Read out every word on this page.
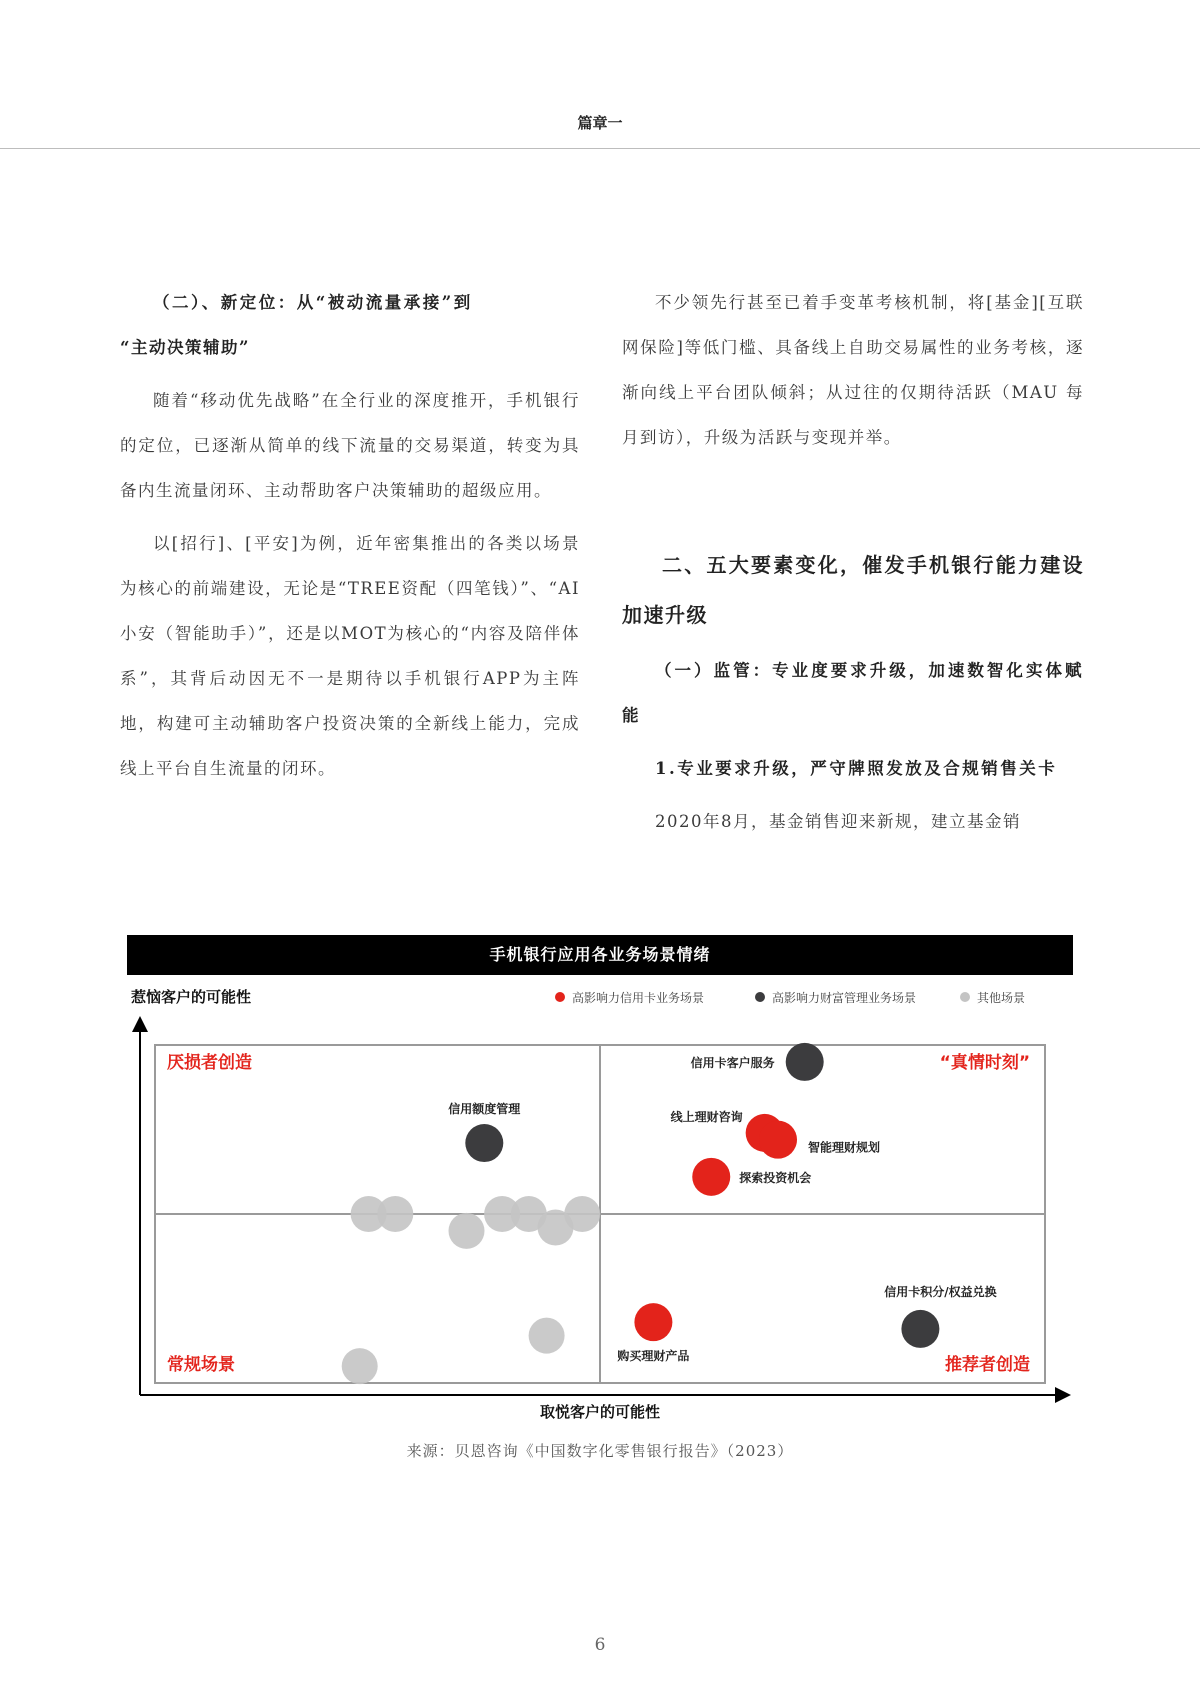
篇章一

（二）、新定位：从“被动流量承接”到

“主动决策辅助”

随着“移动优先战略”在全行业的深度推开，手机银行的定位，已逐渐从简单的线下流量的交易渠道，转变为具备内生流量闭环、主动帮助客户决策辅助的超级应用。

以[招行]、[平安]为例，近年密集推出的各类以场景为核心的前端建设，无论是“TREE资配（四笔钱）”、“AI小安（智能助手）”，还是以MOT为核心的“内容及陪伴体系”，其背后动因无不一是期待以手机银行APP为主阵地，构建可主动辅助客户投资决策的全新线上能力，完成线上平台自生流量的闭环。

不少领先行甚至已着手变革考核机制，将[基金][互联网保险]等低门槛、具备线上自助交易属性的业务考核，逐渐向线上平台团队倾斜；从过往的仅期待活跃（MAU 每月到访），升级为活跃与变现并举。

二、五大要素变化，催发手机银行能力建设加速升级

（一）监管：专业度要求升级，加速数智化实体赋能

1.专业要求升级，严守牌照发放及合规销售关卡

2020年8月，基金销售迎来新规，建立基金销

手机银行应用各业务场景情绪
惹恼客户的可能性	高影响力信用卡业务场景	高影响力财富管理业务场景	其他场景
厌损者创造	“真情时刻”
常规场景	推荐者创造
信用卡客户服务
信用额度管理
线上理财咨询
智能理财规划
探索投资机会
购买理财产品
信用卡积分/权益兑换
取悦客户的可能性
来源：贝恩咨询《中国数字化零售银行报告》（2023）
6
